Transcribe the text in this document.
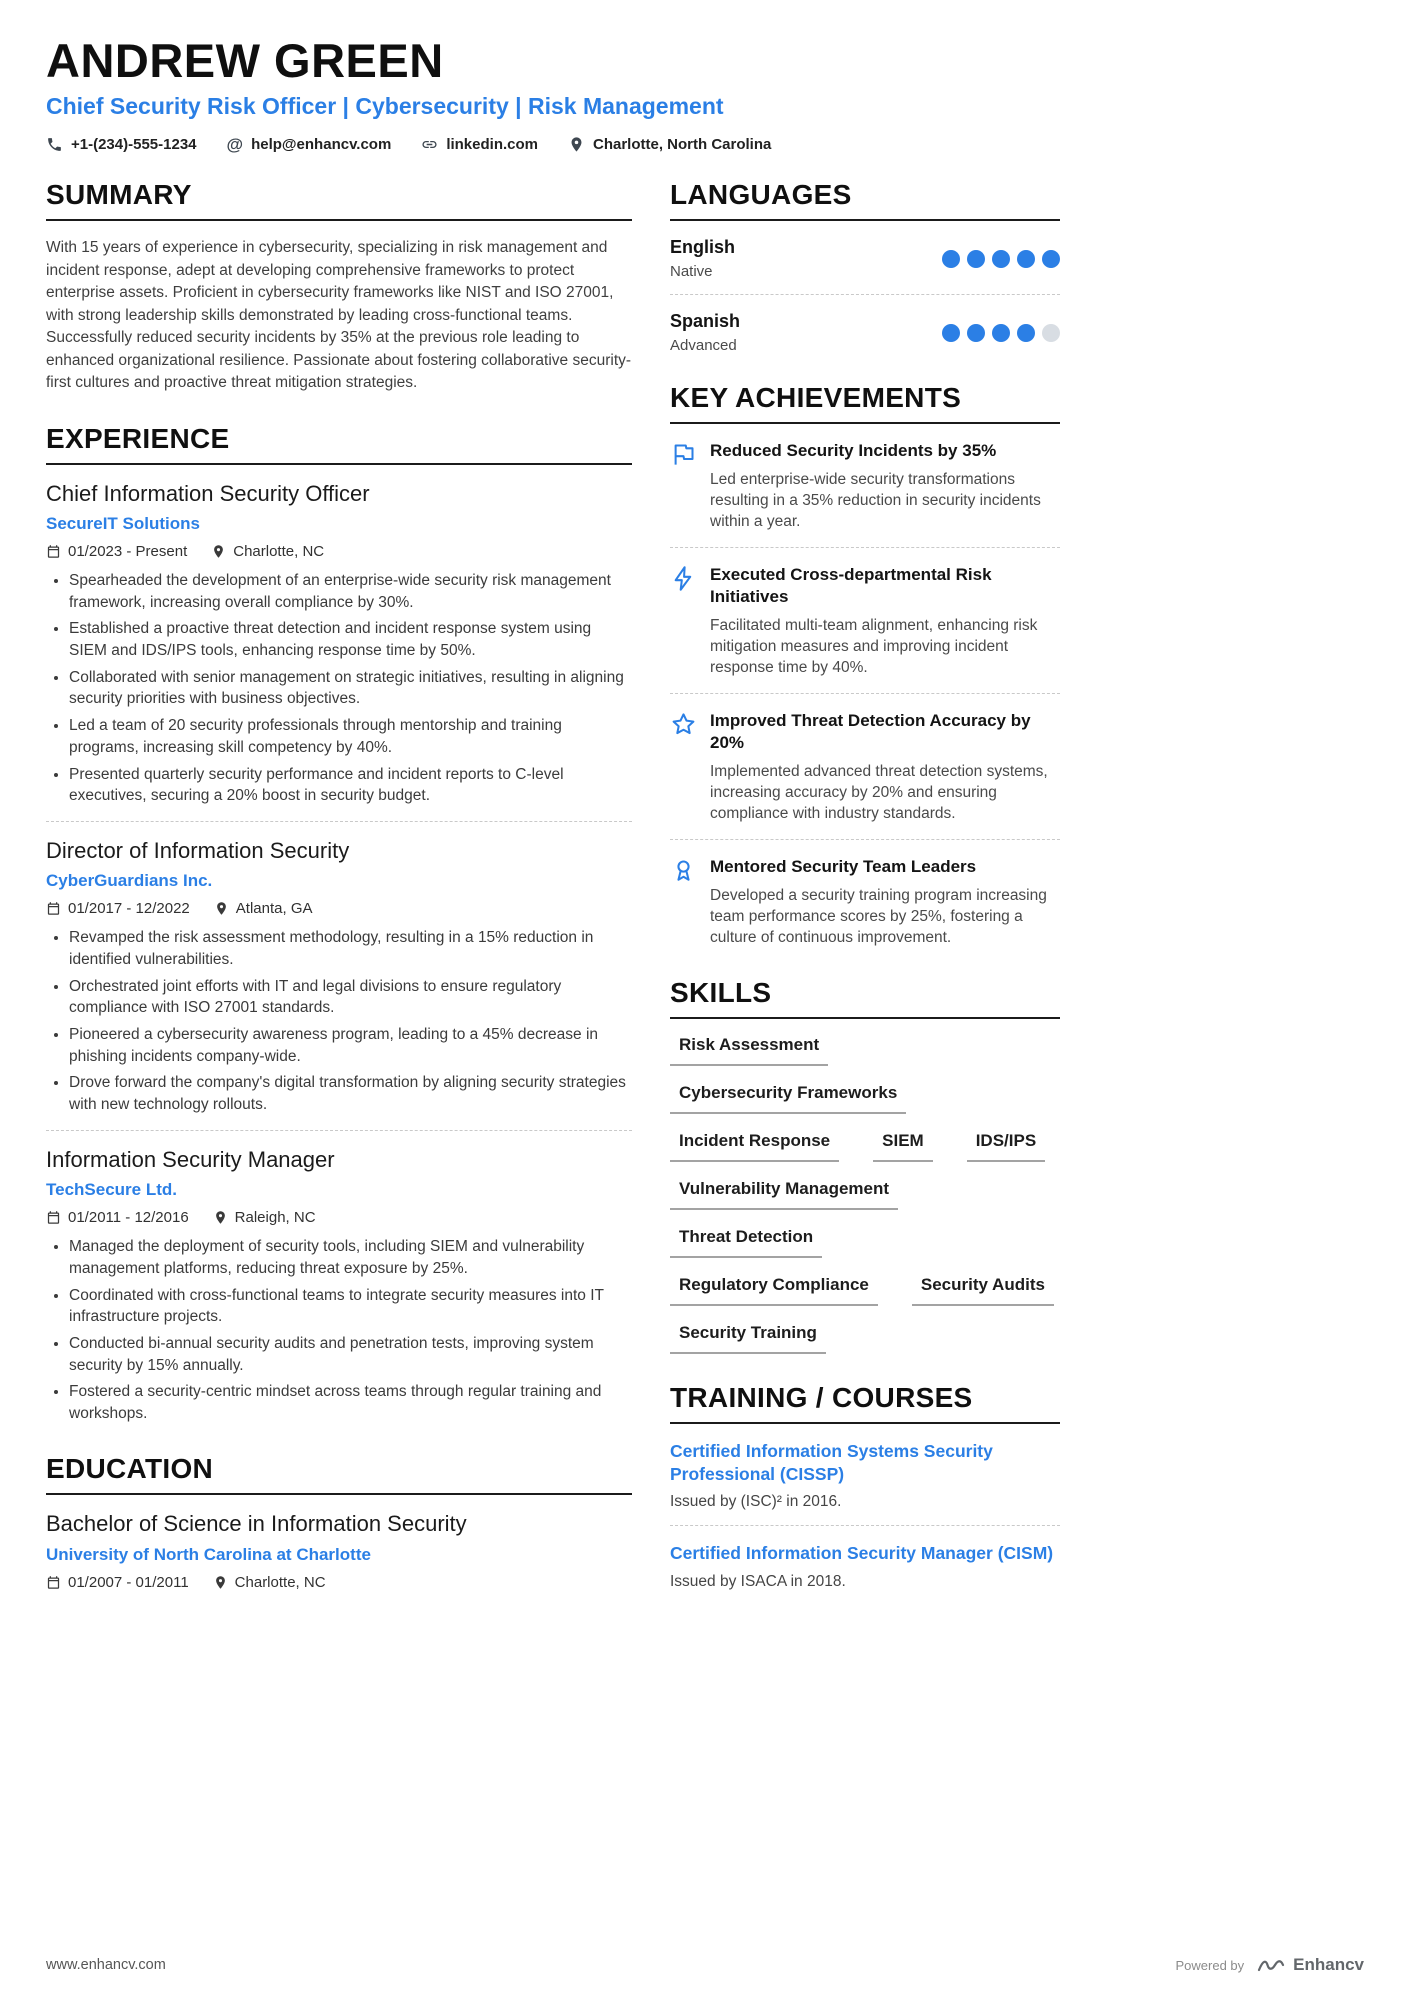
ANDREW GREEN
Chief Security Risk Officer | Cybersecurity | Risk Management
+1-(234)-555-1234 @	help@enhancv.com	linkedin.com	Charlotte, North Carolina
SUMMARY

With 15 years of experience in cybersecurity, specializing in risk management and incident response, adept at developing comprehensive frameworks to protect enterprise assets. Proficient in cybersecurity frameworks like NIST and ISO 27001, with strong leadership skills demonstrated by leading cross-functional teams. Successfully reduced security incidents by 35% at the previous role leading to enhanced organizational resilience. Passionate about fostering collaborative security-first cultures and proactive threat mitigation strategies.

EXPERIENCE
Chief Information Security Officer
SecureIT Solutions
01/2023 - Present	Charlotte, NC
• Spearheaded the development of an enterprise-wide security risk management framework, increasing overall compliance by 30%.
• Established a proactive threat detection and incident response system using SIEM and IDS/IPS tools, enhancing response time by 50%.
• Collaborated with senior management on strategic initiatives, resulting in aligning security priorities with business objectives.
• Led a team of 20 security professionals through mentorship and training programs, increasing skill competency by 40%.
• Presented quarterly security performance and incident reports to C-level executives, securing a 20% boost in security budget.
Director of Information Security
CyberGuardians Inc.
01/2017 - 12/2022	Atlanta, GA
• Revamped the risk assessment methodology, resulting in a 15% reduction in identified vulnerabilities.
• Orchestrated joint efforts with IT and legal divisions to ensure regulatory compliance with ISO 27001 standards.
• Pioneered a cybersecurity awareness program, leading to a 45% decrease in phishing incidents company-wide.
• Drove forward the company's digital transformation by aligning security strategies with new technology rollouts.
Information Security Manager
TechSecure Ltd.
01/2011 - 12/2016	Raleigh, NC
• Managed the deployment of security tools, including SIEM and vulnerability management platforms, reducing threat exposure by 25%.
• Coordinated with cross-functional teams to integrate security measures into IT infrastructure projects.
• Conducted bi-annual security audits and penetration tests, improving system security by 15% annually.
• Fostered a security-centric mindset across teams through regular training and workshops.
EDUCATION
Bachelor of Science in Information Security
University of North Carolina at Charlotte
01/2007 - 01/2011	Charlotte, NC
LANGUAGES
English
Native
Spanish
Advanced
KEY ACHIEVEMENTS
Reduced Security Incidents by 35%
Led enterprise-wide security transformations resulting in a 35% reduction in security incidents within a year.
Executed Cross-departmental Risk Initiatives
Facilitated multi-team alignment, enhancing risk mitigation measures and improving incident response time by 40%.
Improved Threat Detection Accuracy by 20%
Implemented advanced threat detection systems, increasing accuracy by 20% and ensuring compliance with industry standards.
Mentored Security Team Leaders
Developed a security training program increasing team performance scores by 25%, fostering a culture of continuous improvement.
SKILLS
Risk Assessment
Cybersecurity Frameworks
Incident Response	SIEM	IDS/IPS
Vulnerability Management
Threat Detection
Regulatory Compliance	Security Audits
Security Training
TRAINING / COURSES
Certified Information Systems Security Professional (CISSP)
Issued by (ISC)² in 2016.
Certified Information Security Manager (CISM)
Issued by ISACA in 2018.
www.enhancv.com	Powered by	Enhancv
